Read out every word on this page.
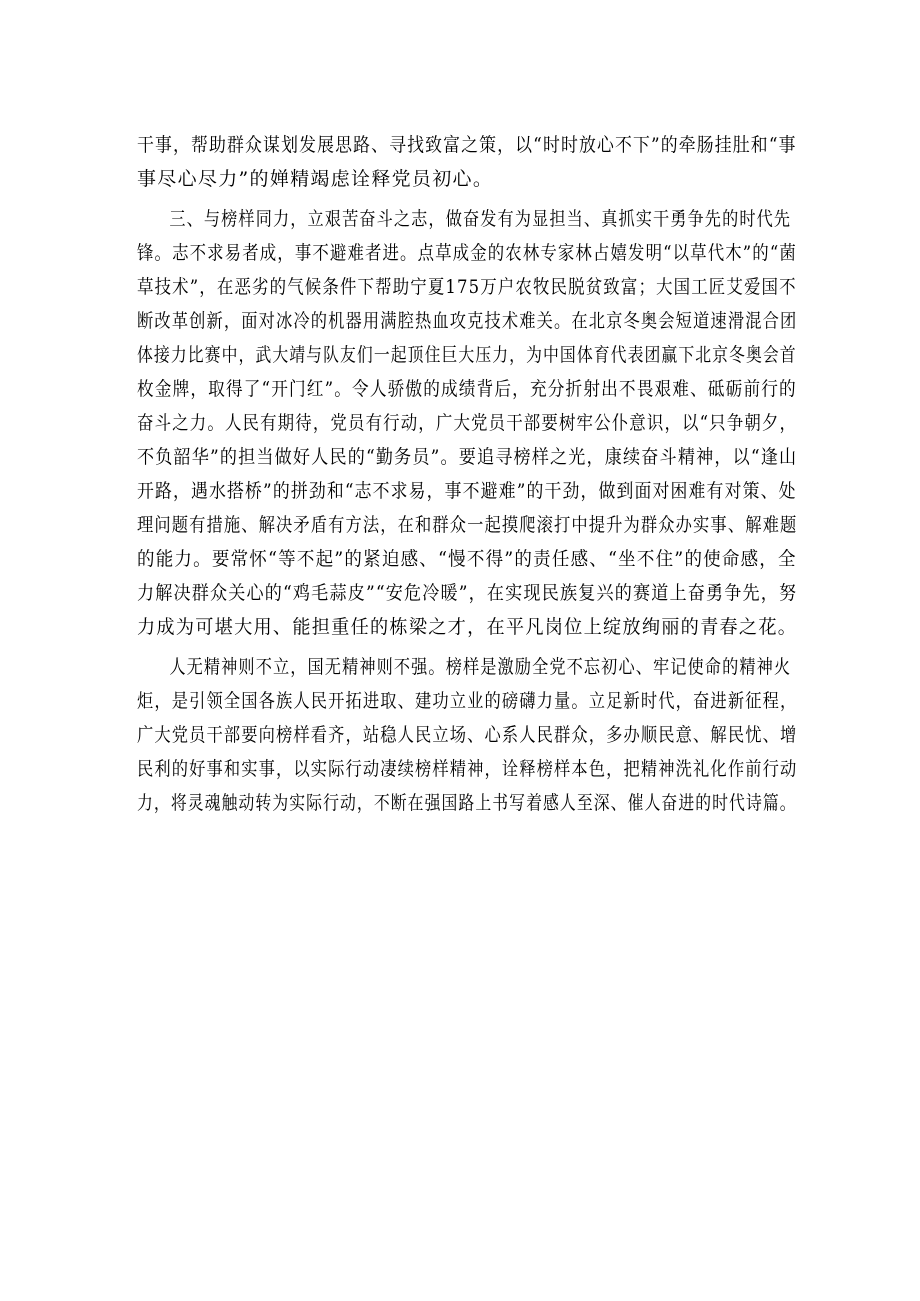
干事，帮助群众谋划发展思路、寻找致富之策，以“时时放心不下”的牵肠挂肚和“事
事尽心尽力”的婵精竭虑诠释党员初心。
三、与榜样同力，立艰苦奋斗之志，做奋发有为显担当、真抓实干勇争先的时代先
锋。志不求易者成，事不避难者进。点草成金的农林专家林占嬉发明“以草代木”的“菌
草技术”，在恶劣的气候条件下帮助宁夏175万户农牧民脱贫致富；大国工匠艾爱国不
断改革创新，面对冰冷的机器用满腔热血攻克技术难关。在北京冬奥会短道速滑混合团
体接力比赛中，武大靖与队友们一起顶住巨大压力，为中国体育代表团赢下北京冬奥会首
枚金牌，取得了“开门红”。令人骄傲的成绩背后，充分折射出不畏艰难、砥砺前行的
奋斗之力。人民有期待，党员有行动，广大党员干部要树牢公仆意识，以“只争朝夕，
不负韶华”的担当做好人民的“勤务员”。要追寻榜样之光，康续奋斗精神，以“逢山
开路，遇水搭桥”的拼劲和“志不求易，事不避难”的干劲，做到面对困难有对策、处
理问题有措施、解决矛盾有方法，在和群众一起摸爬滚打中提升为群众办实事、解难题
的能力。要常怀“等不起”的紧迫感、“慢不得”的责任感、“坐不住”的使命感，全
力解决群众关心的“鸡毛蒜皮”“安危冷暖”，在实现民族复兴的赛道上奋勇争先，努
力成为可堪大用、能担重任的栋梁之才，在平凡岗位上绽放绚丽的青春之花。
人无精神则不立，国无精神则不强。榜样是激励全党不忘初心、牢记使命的精神火
炬，是引领全国各族人民开拓进取、建功立业的磅礴力量。立足新时代，奋进新征程，
广大党员干部要向榜样看齐，站稳人民立场、心系人民群众，多办顺民意、解民忧、增
民利的好事和实事，以实际行动凄续榜样精神，诠释榜样本色，把精神洗礼化作前行动
力，将灵魂触动转为实际行动，不断在强国路上书写着感人至深、催人奋进的时代诗篇。
